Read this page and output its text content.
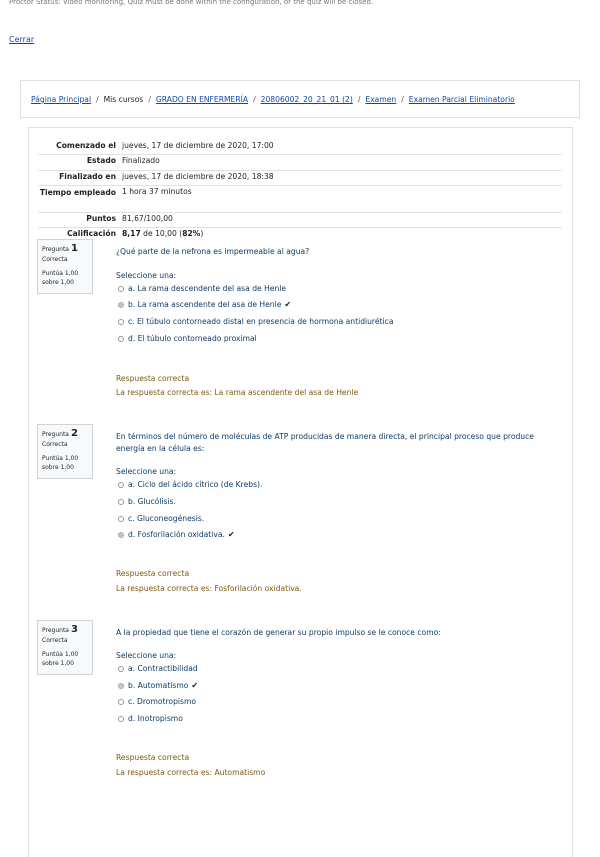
Proctor Status: Video monitoring, Quiz must be done within the configuration, or the quiz will be closed.
Cerrar
Página Principal / Mis cursos / GRADO EN ENFERMERÍA / 20806002_20_21_01 (2) / Examen / Examen Parcial Eliminatorio
Comenzado el	jueves, 17 de diciembre de 2020, 17:00
Estado	Finalizado
Finalizado en	jueves, 17 de diciembre de 2020, 18:38
Tiempo empleado	1 hora 37 minutos
Puntos	81,67/100,00
Calificación	8,17 de 10,00 (82%)
Pregunta 1
Correcta
Puntúa 1,00 sobre 1,00
¿Qué parte de la nefrona es impermeable al agua?
Seleccione una:
a. La rama descendente del asa de Henle
b. La rama ascendente del asa de Henle ✔
c. El túbulo contorneado distal en presencia de hormona antidiurética
d. El túbulo contorneado proximal
Respuesta correcta
La respuesta correcta es: La rama ascendente del asa de Henle
Pregunta 2
Correcta
Puntúa 1,00 sobre 1,00
En términos del número de moléculas de ATP producidas de manera directa, el principal proceso que produce energía en la célula es:
Seleccione una:
a. Ciclo del ácido cítrico (de Krebs).
b. Glucólisis.
c. Gluconeogénesis.
d. Fosforilación oxidativa. ✔
Respuesta correcta
La respuesta correcta es: Fosforilación oxidativa.
Pregunta 3
Correcta
Puntúa 1,00 sobre 1,00
A la propiedad que tiene el corazón de generar su propio impulso se le conoce como:
Seleccione una:
a. Contractibilidad
b. Automatismo ✔
c. Dromotropismo
d. Inotropismo
Respuesta correcta
La respuesta correcta es: Automatismo
